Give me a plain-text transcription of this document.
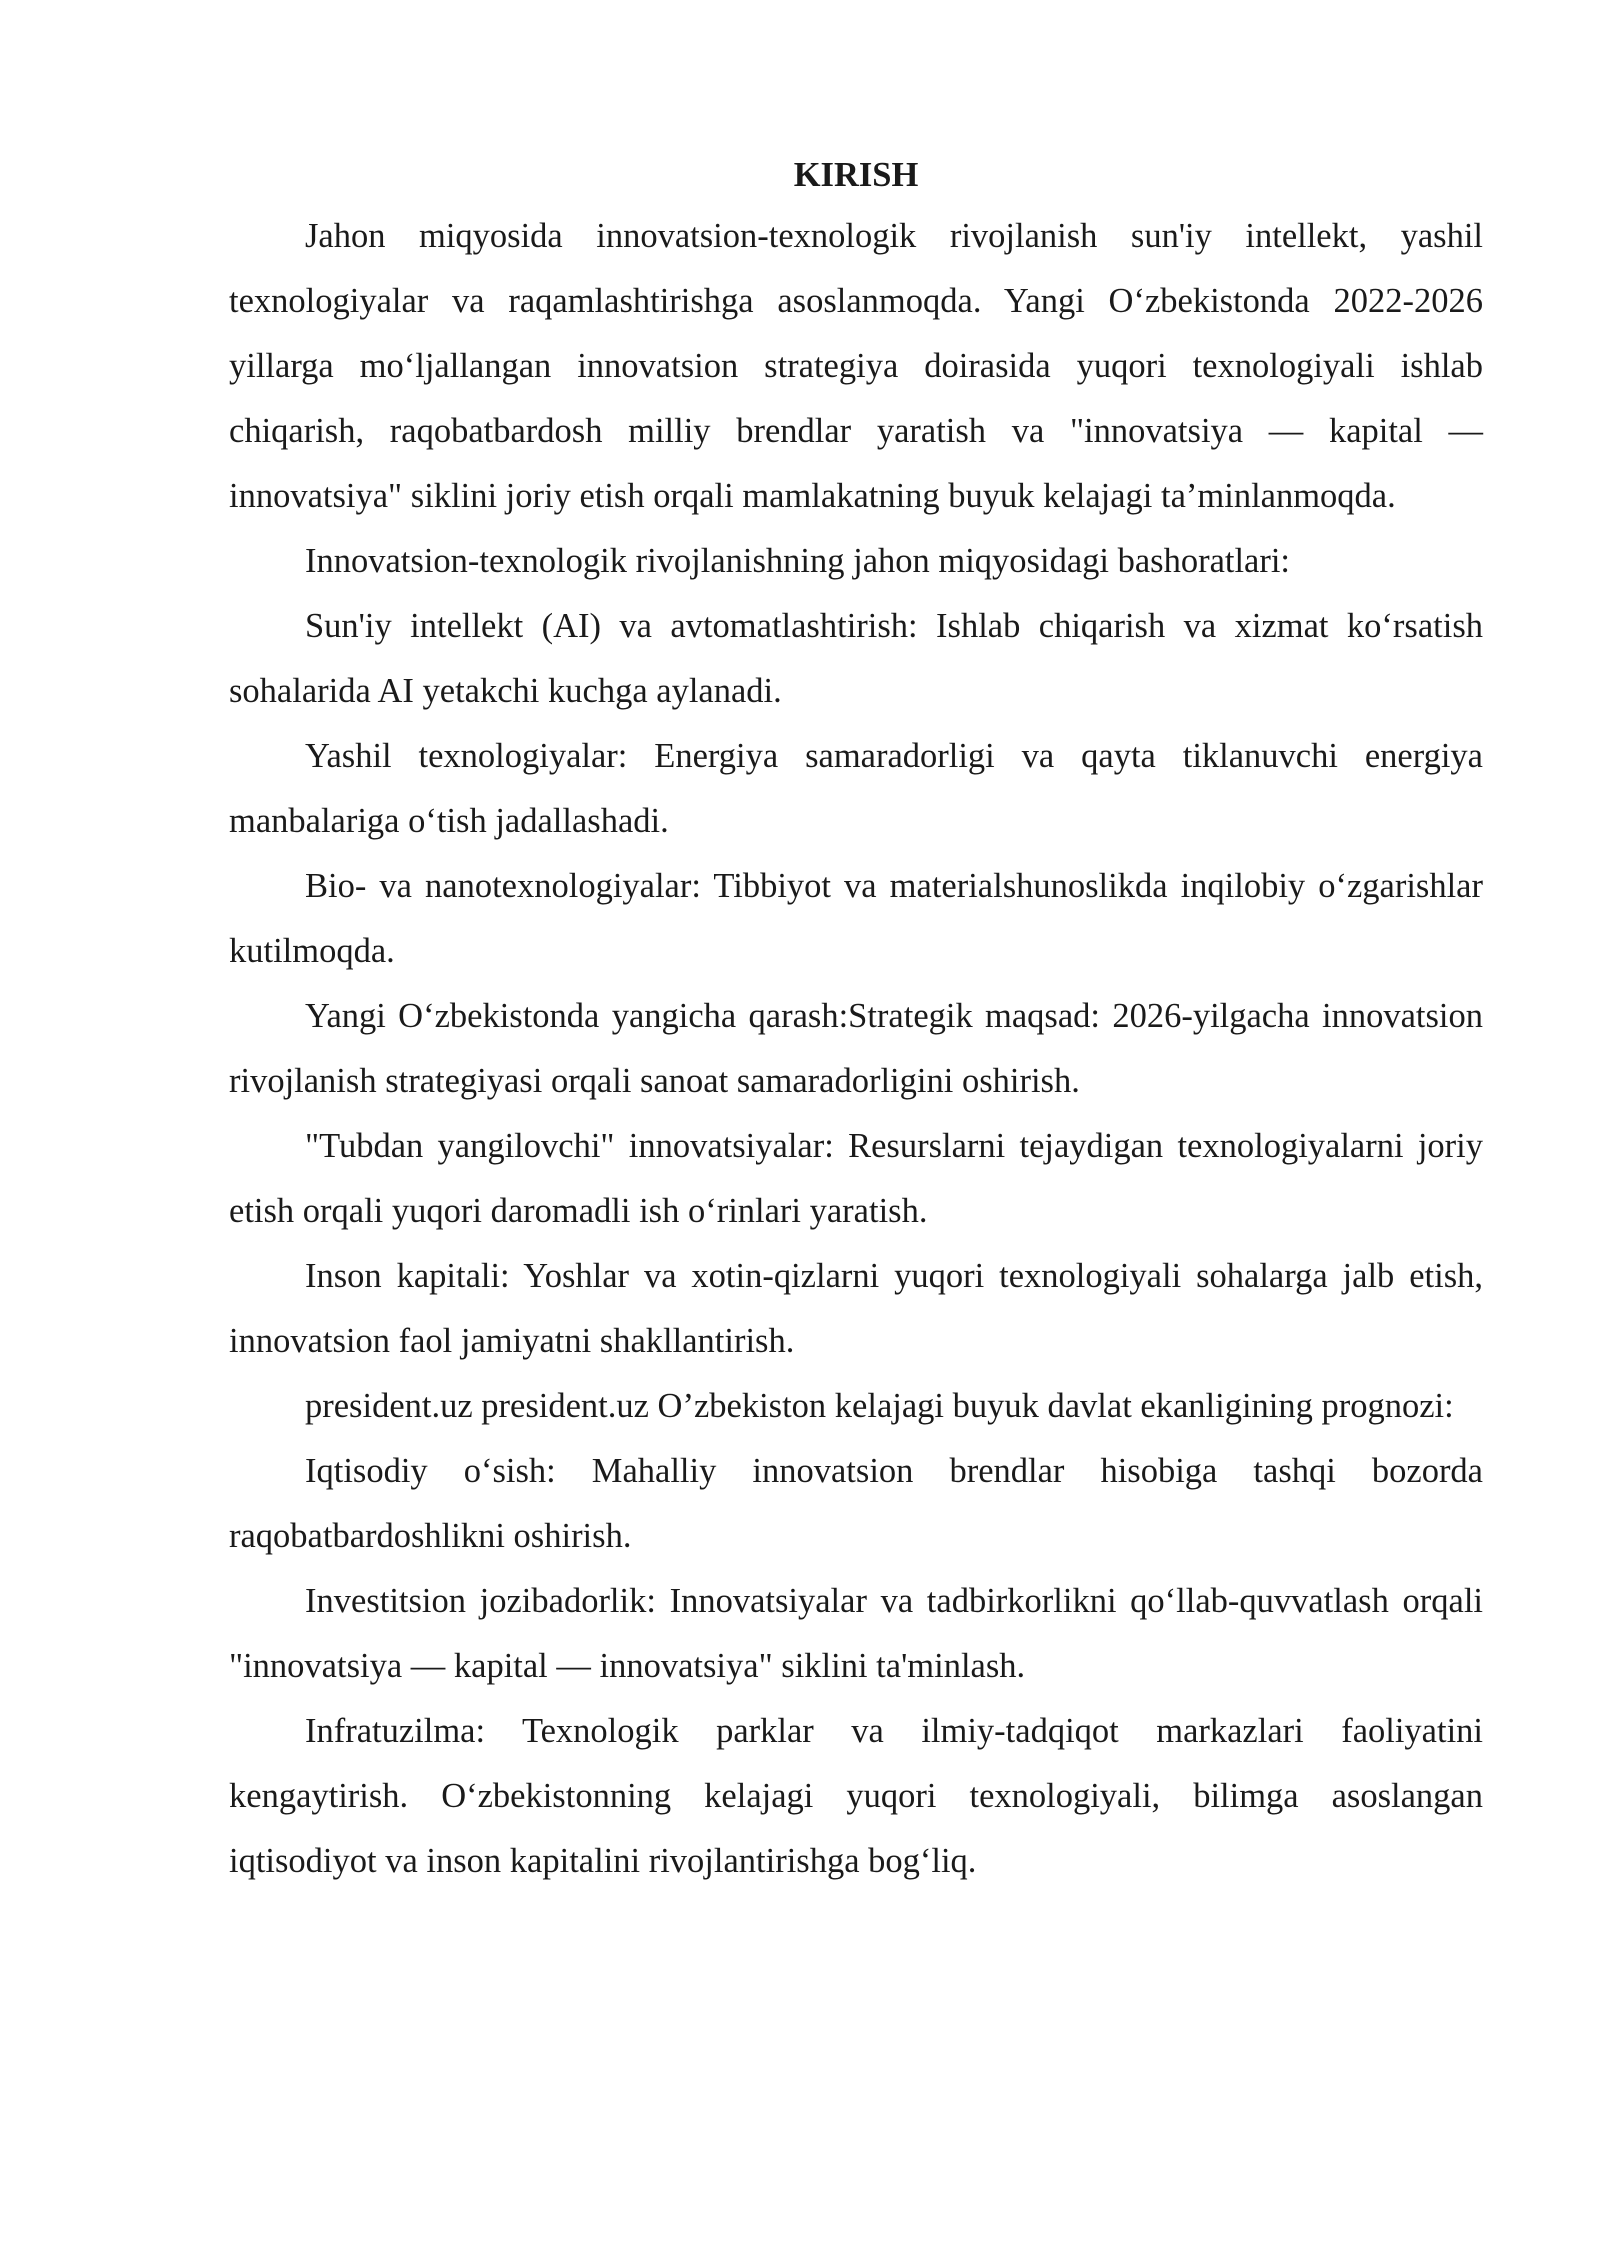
KIRISH

Jahon miqyosida innovatsion-texnologik rivojlanish sun'iy intellekt, yashil texnologiyalar va raqamlashtirishga asoslanmoqda. Yangi O‘zbekistonda 2022-2026 yillarga mo‘ljallangan innovatsion strategiya doirasida yuqori texnologiyali ishlab chiqarish, raqobatbardosh milliy brendlar yaratish va "innovatsiya — kapital — innovatsiya" siklini joriy etish orqali mamlakatning buyuk kelajagi ta’minlanmoqda.

Innovatsion-texnologik rivojlanishning jahon miqyosidagi bashoratlari:

Sun'iy intellekt (AI) va avtomatlashtirish: Ishlab chiqarish va xizmat ko‘rsatish sohalarida AI yetakchi kuchga aylanadi.

Yashil texnologiyalar: Energiya samaradorligi va qayta tiklanuvchi energiya manbalariga o‘tish jadallashadi.

Bio- va nanotexnologiyalar: Tibbiyot va materialshunoslikda inqilobiy o‘zgarishlar kutilmoqda.

Yangi O‘zbekistonda yangicha qarash:Strategik maqsad: 2026-yilgacha innovatsion rivojlanish strategiyasi orqali sanoat samaradorligini oshirish.

"Tubdan yangilovchi" innovatsiyalar: Resurslarni tejaydigan texnologiyalarni joriy etish orqali yuqori daromadli ish o‘rinlari yaratish.

Inson kapitali: Yoshlar va xotin-qizlarni yuqori texnologiyali sohalarga jalb etish, innovatsion faol jamiyatni shakllantirish.

president.uz president.uz O’zbekiston kelajagi buyuk davlat ekanligining prognozi:

Iqtisodiy o‘sish: Mahalliy innovatsion brendlar hisobiga tashqi bozorda raqobatbardoshlikni oshirish.

Investitsion jozibadorlik: Innovatsiyalar va tadbirkorlikni qo‘llab-quvvatlash orqali "innovatsiya — kapital — innovatsiya" siklini ta'minlash.

Infratuzilma: Texnologik parklar va ilmiy-tadqiqot markazlari faoliyatini kengaytirish. O‘zbekistonning kelajagi yuqori texnologiyali, bilimga asoslangan iqtisodiyot va inson kapitalini rivojlantirishga bog‘liq.
